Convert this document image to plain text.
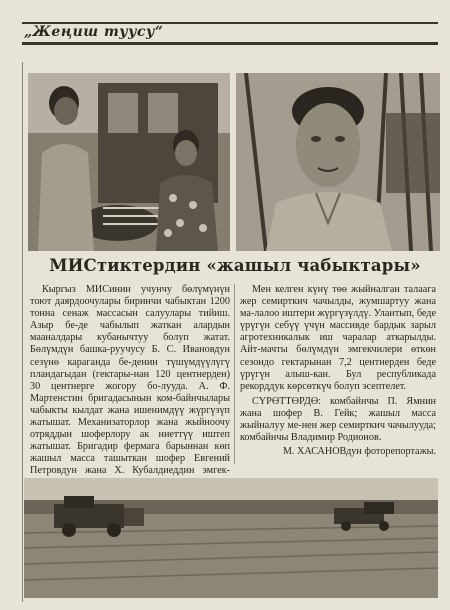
„Жеңиш туусу“
МИСтиктердин «жашыл чабыктары»

Кыргыз МИСинин учунчу бөлүмүнүн тоют даярдоочулары биринчи чабыктан 1200 тонна сенаж массасын салуулары тийиш. Азыр бе-де чабылып жаткан алардын мааналдары кубанычтуу болуп жатат. Бөлүмдүн башка-руучусу Б. С. Ивановдун сезүнө караганда бе-денин түшүмдүүлүгү пландагыдан (гектары-нан 120 центнерден) 30 центнерге жогору бо-лууда. А. Ф. Мартенстин бригадасынын ком-байнчылары чабыкты кылдат жана ишенимдүү жүргүзүп жатышат. Механизаторлор жана жыйноочу отряддын шоферлору ак ниеттүү иштеп жатышат. Бригадир фермага барыннан көп жашыл масса ташыткан шофер Евгений Петровдун жана Х. Кубалдиеддин эмгек-

Мен келген күнү төө жыйналган талаага жер семирткич чачылды, жумшартуу жана ма-лалоо иштери жүргүзүлдү. Улантып, беде үрүгүн себүү үчүн массивде бардык зарыл агротехникалык иш чаралар аткарылды. Айт-мачты бөлүмдүн эмгекчилери өткөн сезондо гектарынан 7,2 центнерден беде үрүгүн алыш-кан. Бул республикада рекорддук көрсөткүч болуп эсептелет.

СҮРӨТТӨРДӨ: комбайнчы П. Ямнин жана шофер В. Гейк; жашыл масса жыйналуу ме-нен жер семирткич чачылууда; комбайнчы Владимир Родионов.

М. ХАСАНОВдун фоторепортажы.
